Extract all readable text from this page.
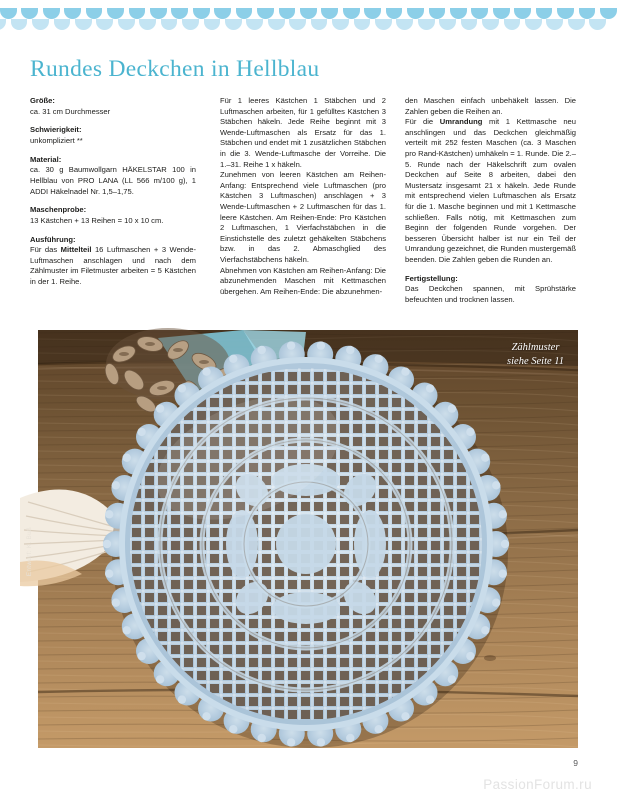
Rundes Deckchen in Hellblau

Größe:
ca. 31 cm Durchmesser

Schwierigkeit:
unkompliziert **

Material:
ca. 30 g Baumwollgarn HÄKELSTAR 100 in Hellblau von PRO LANA (LL 566 m/100 g), 1 ADDI Häkelnadel Nr. 1,5–1,75.

Maschenprobe:
13 Kästchen + 13 Reihen = 10 x 10 cm.

Ausführung:
Für das Mittelteil 16 Luftmaschen + 3 Wende-Luftmaschen anschlagen und nach dem Zählmuster im Filetmuster arbeiten = 5 Kästchen in der 1. Reihe.

Für 1 leeres Kästchen 1 Stäbchen und 2 Luftmaschen arbeiten, für 1 gefülltes Kästchen 3 Stäbchen häkeln. Jede Reihe beginnt mit 3 Wende-Luftmaschen als Ersatz für das 1. Stäbchen und endet mit 1 zusätzlichen Stäbchen in die 3. Wende-Luftmasche der Vorreihe. Die 1.–31. Reihe 1 x häkeln.

Zunehmen von leeren Kästchen am Reihen-Anfang: Entsprechend viele Luftmaschen (pro Kästchen 3 Luftmaschen) anschlagen + 3 Wende-Luftmaschen + 2 Luftmaschen für das 1. leere Kästchen. Am Reihen-Ende: Pro Kästchen 2 Luftmaschen, 1 Vierfachstäbchen in die Einstichstelle des zuletzt gehäkelten Stäbchens bzw. in das 2. Abmaschglied des Vierfachstäbchens häkeln.

Abnehmen von Kästchen am Reihen-Anfang: Die abzunehmenden Maschen mit Kettmaschen übergehen. Am Reihen-Ende: Die abzunehmen-

den Maschen einfach unbehäkelt lassen. Die Zahlen geben die Reihen an.

Für die Umrandung mit 1 Kettmasche neu anschlingen und das Deckchen gleichmäßig verteilt mit 252 festen Maschen (ca. 3 Maschen pro Rand-Kästchen) umhäkeln = 1. Runde. Die 2.–5. Runde nach der Häkelschrift zum ovalen Deckchen auf Seite 8 arbeiten, dabei den Mustersatz insgesamt 21 x häkeln. Jede Runde mit entsprechend vielen Luftmaschen als Ersatz für die 1. Masche beginnen und mit 1 Kettmasche schließen. Falls nötig, mit Kettmaschen zum Beginn der folgenden Runde vorgehen. Der besseren Übersicht halber ist nur ein Teil der Umrandung gezeichnet, die Runden mustergemäß beenden. Die Zahlen geben die Runden an.

Fertigstellung:
Das Deckchen spannen, mit Sprühstärke befeuchten und trocknen lassen.

Zählmuster
siehe Seite 11
Entwurf: K. Buß
9
PassionForum.ru
